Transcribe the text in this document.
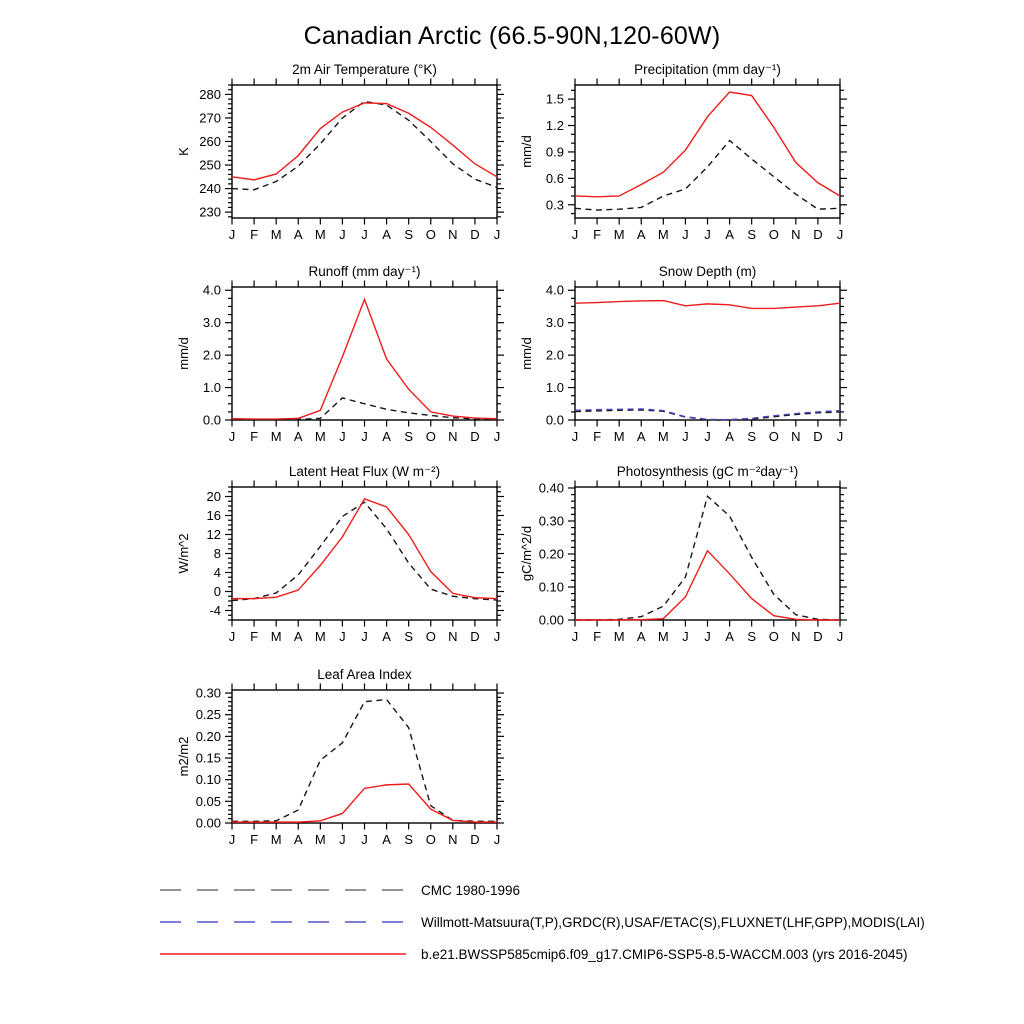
Canadian Arctic (66.5-90N,120-60W)
J F M A M J J A S O N D J
230
240
250
260
270
280
K
2m Air Temperature (°K)
J F M A M J J A S O N D J
0.3
0.6
0.9
1.2
1.5
mm/d
Precipitation (mm day⁻¹)
J F M A M J J A S O N D J
0.0
1.0
2.0
3.0
4.0
mm/d
Runoff (mm day⁻¹)
J F M A M J J A S O N D J
0.0
1.0
2.0
3.0
4.0
mm/d
Snow Depth (m)
J F M A M J J A S O N D J
-4
0
4
8
12
16
20
W/m^2
Latent Heat Flux (W m⁻²)
J F M A M J J A S O N D J
0.00
0.10
0.20
0.30
0.40
gC/m^2/d
Photosynthesis (gC m⁻²day⁻¹)
J F M A M J J A S O N D J
0.00
0.05
0.10
0.15
0.20
0.25
0.30
m2/m2
Leaf Area Index
CMC 1980-1996
Willmott-Matsuura(T,P),GRDC(R),USAF/ETAC(S),FLUXNET(LHF,GPP),MODIS(LAI)
b.e21.BWSSP585cmip6.f09_g17.CMIP6-SSP5-8.5-WACCM.003 (yrs 2016-2045)
